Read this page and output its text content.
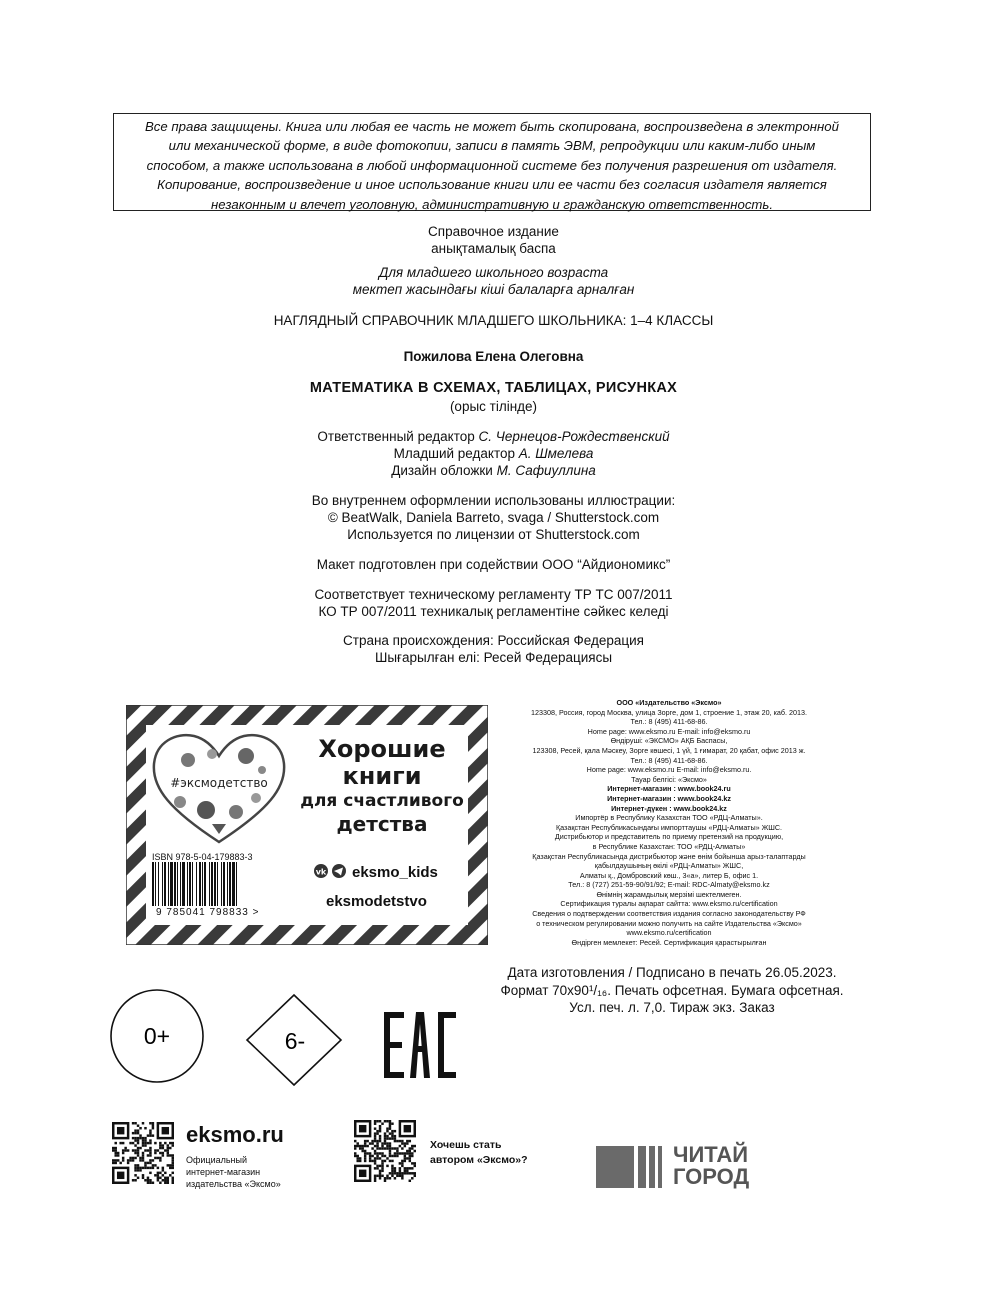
Все права защищены. Книга или любая ее часть не может быть скопирована, воспроизведена в электронной
или механической форме, в виде фотокопии, записи в память ЭВМ, репродукции или каким-либо иным
способом, а также использована в любой информационной системе без получения разрешения от издателя.
Копирование, воспроизведение и иное использование книги или ее части без согласия издателя является
незаконным и влечет уголовную, административную и гражданскую ответственность.
Справочное издание
анықтамалық баспа
Для младшего школьного возраста
мектеп жасындағы кіші балаларға арналған
НАГЛЯДНЫЙ СПРАВОЧНИК МЛАДШЕГО ШКОЛЬНИКА: 1–4 КЛАССЫ
Пожилова Елена Олеговна
МАТЕМАТИКА В СХЕМАХ, ТАБЛИЦАХ, РИСУНКАХ
(орыс тілінде)
Ответственный редактор С. Чернецов-Рождественский
Младший редактор А. Шмелева
Дизайн обложки М. Сафиуллина
Во внутреннем оформлении использованы иллюстрации:
© BeatWalk, Daniela Barreto, svaga / Shutterstock.com
Используется по лицензии от Shutterstock.com
Макет подготовлен при содействии ООО “Айдиономикс”
Соответствует техническому регламенту ТР ТС 007/2011
КО ТР 007/2011 техникалық регламентіне сәйкес келеді
Страна происхождения: Российская Федерация
Шығарылған елі: Ресей Федерациясы
#эксмодетство
Хорошие
книги
для счастливого
детства
ISBN 978-5-04-179883-3
9 785041 798833 >
vk eksmo_kids
eksmodetstvo
ООО «Издательство «Эксмо»
123308, Россия, город Москва, улица Зорге, дом 1, строение 1, этаж 20, каб. 2013.
Тел.: 8 (495) 411-68-86.
Home page: www.eksmo.ru E-mail: info@eksmo.ru
Өндіруші: «ЭКСМО» АҚБ Баспасы,
123308, Ресей, қала Мәскеу, Зорге көшесі, 1 үй, 1 ғимарат, 20 қабат, офис 2013 ж.
Тел.: 8 (495) 411-68-86.
Home page: www.eksmo.ru E-mail: info@eksmo.ru.
Тауар белгісі: «Эксмо»
Интернет-магазин : www.book24.ru
Интернет-магазин : www.book24.kz
Интернет-дүкен : www.book24.kz
Импортёр в Республику Казахстан ТОО «РДЦ-Алматы».
Қазақстан Республикасындағы импорттаушы «РДЦ-Алматы» ЖШС.
Дистрибьютор и представитель по приему претензий на продукцию,
в Республике Казахстан: ТОО «РДЦ-Алматы»
Қазақстан Республикасында дистрибьютор және өнім бойынша арыз-талаптарды
қабылдаушының өкілі «РДЦ-Алматы» ЖШС,
Алматы қ., Домбровский көш., 3«а», литер Б, офис 1.
Тел.: 8 (727) 251-59-90/91/92; E-mail: RDC-Almaty@eksmo.kz
Өнімнің жарамдылық мерзімі шектелмеген.
Сертификация туралы ақпарат сайтта: www.eksmo.ru/certification
Сведения о подтверждении соответствия издания согласно законодательству РФ
о техническом регулировании можно получить на сайте Издательства «Эксмо»
www.eksmo.ru/certification
Өндірген мемлекет: Ресей. Сертификация қарастырылған
Дата изготовления / Подписано в печать 26.05.2023.
Формат 70x90¹/₁₆. Печать офсетная. Бумага офсетная.
Усл. печ. л. 7,0. Тираж экз. Заказ
0+	6-
eksmo.ru
Официальный
интернет-магазин
издательства «Эксмо»
Хочешь стать
автором «Эксмо»?	ЧИТАЙ
ГОРОД
